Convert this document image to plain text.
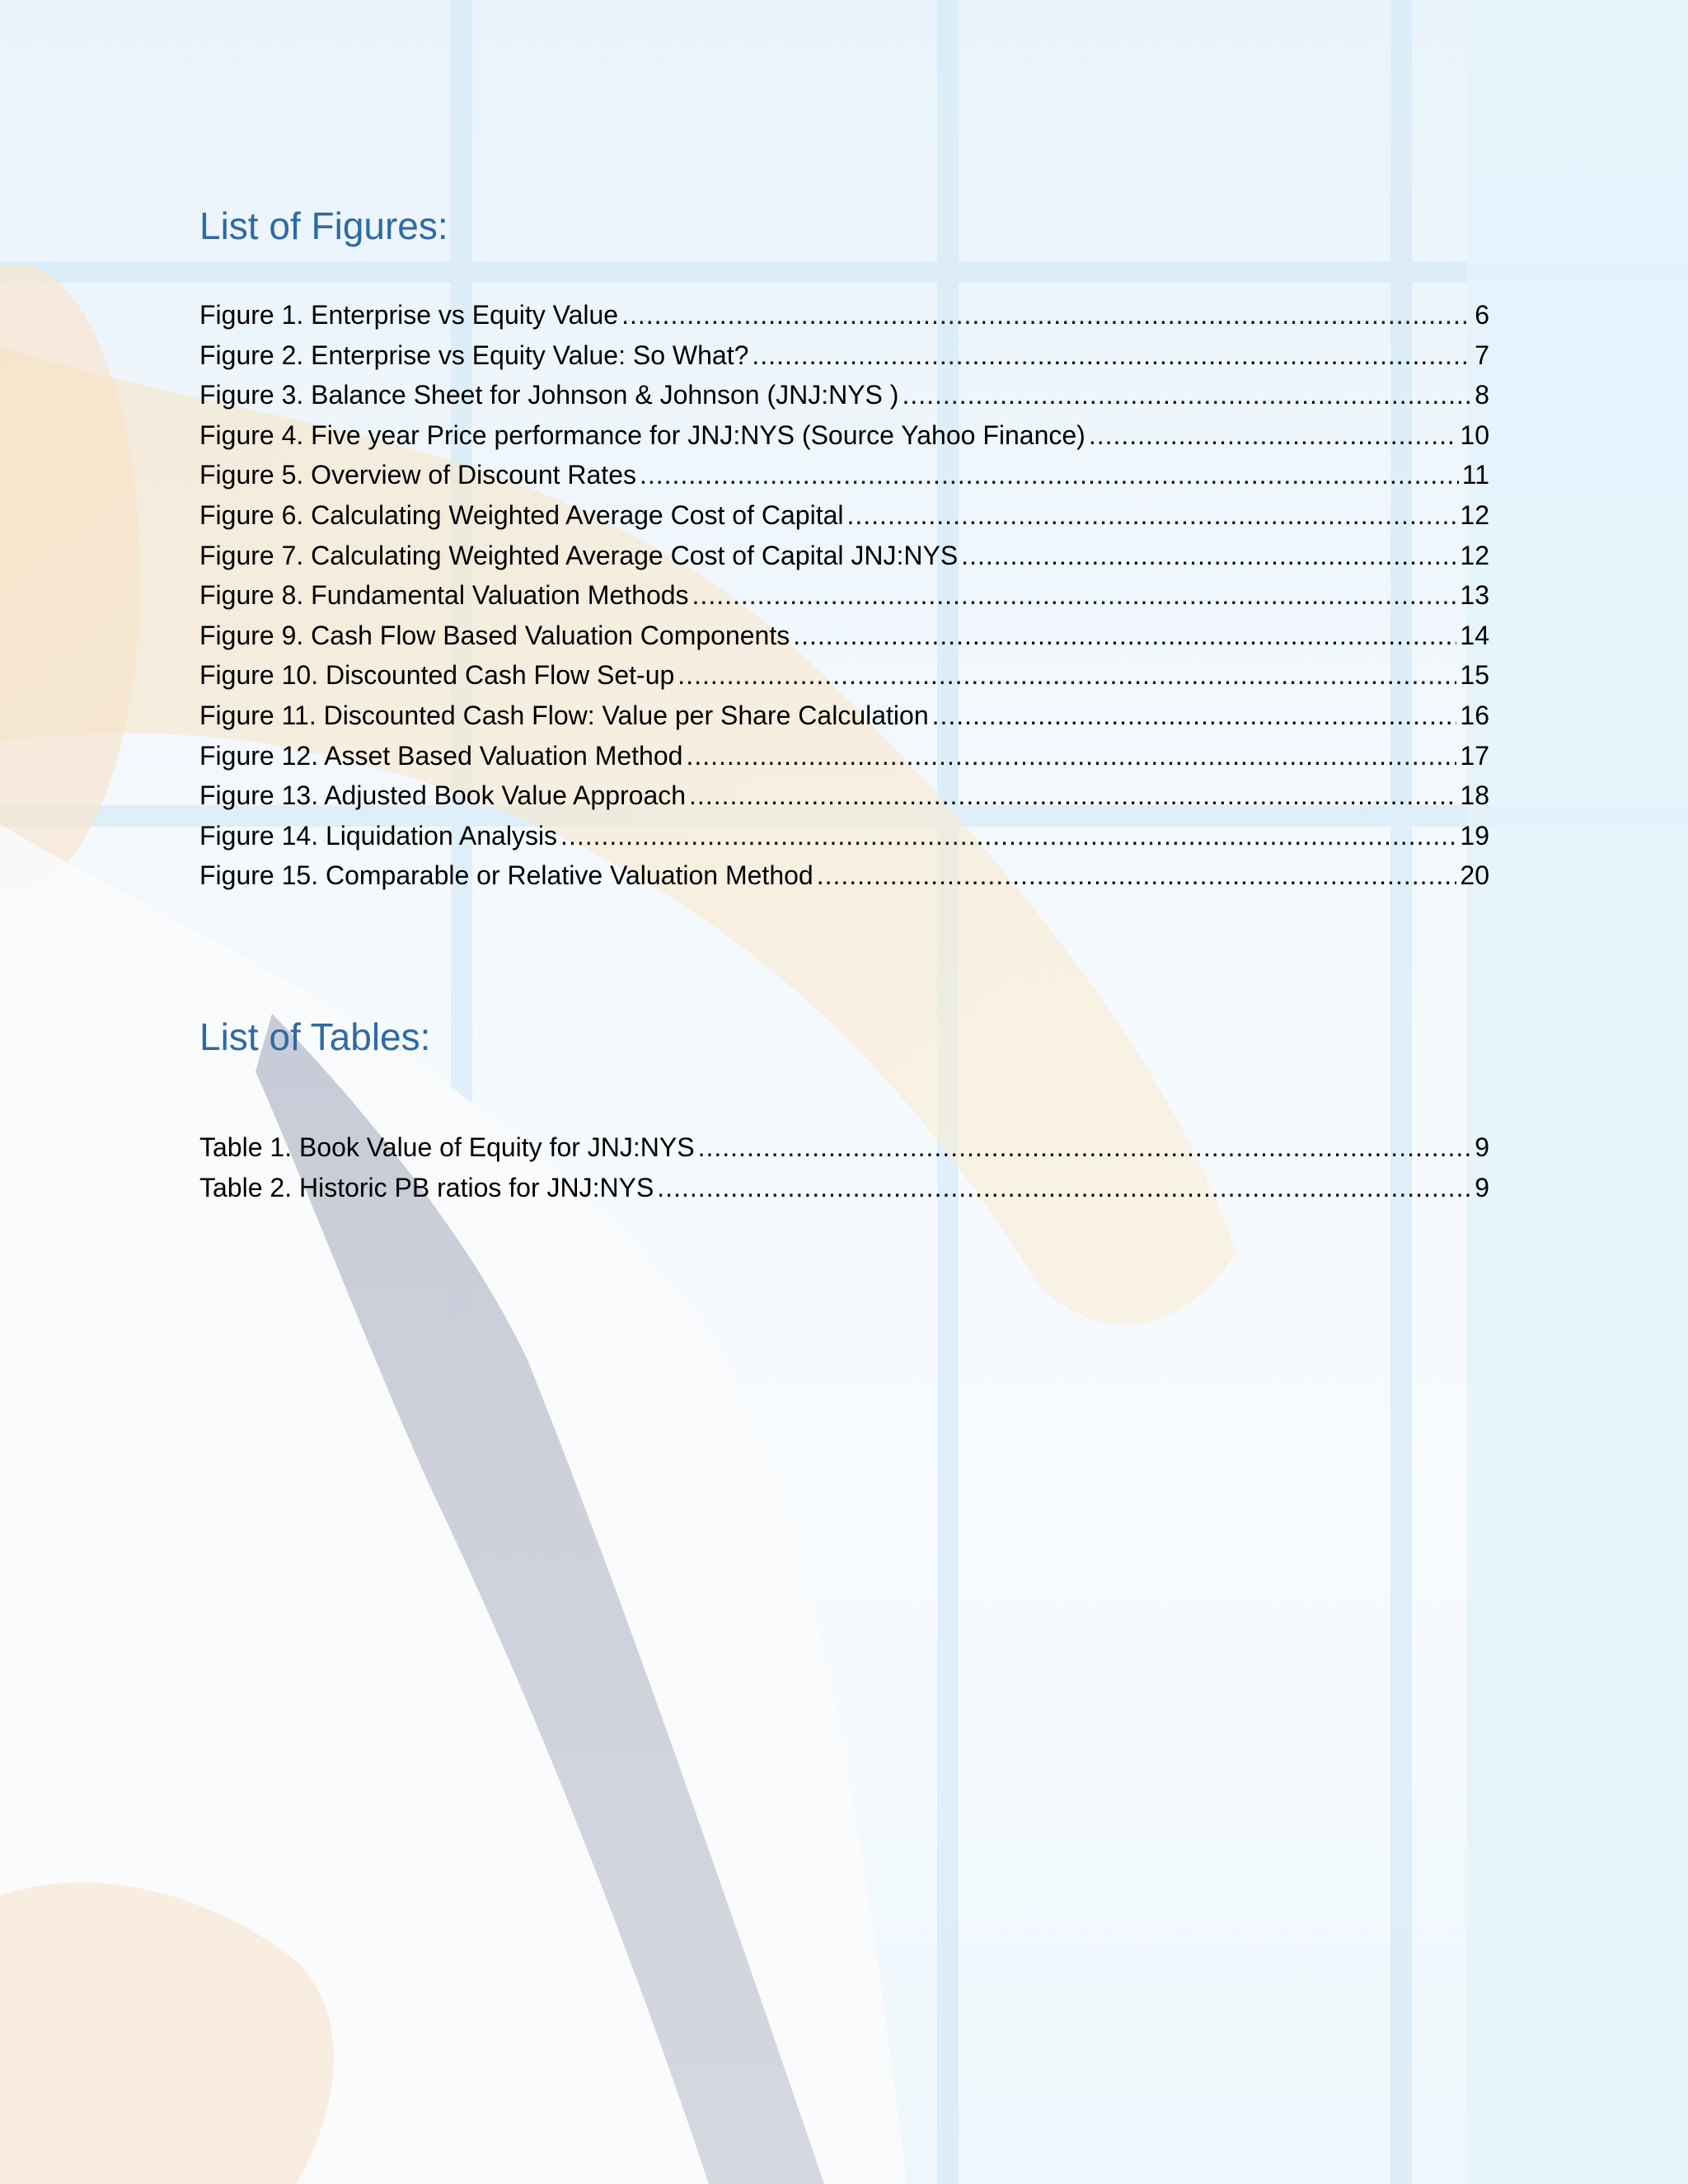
List of Figures:
Figure 1. Enterprise vs Equity Value .....	6
Figure 2. Enterprise vs Equity Value: So What? .....	7
Figure 3. Balance Sheet for Johnson & Johnson (JNJ:NYS ) .....	8
Figure 4. Five year Price performance for JNJ:NYS (Source Yahoo Finance) .....	10
Figure 5. Overview of Discount Rates .....	11
Figure 6. Calculating Weighted Average Cost of Capital .....	12
Figure 7. Calculating Weighted Average Cost of Capital JNJ:NYS .....	12
Figure 8. Fundamental Valuation Methods .....	13
Figure 9. Cash Flow Based Valuation Components .....	14
Figure 10. Discounted Cash Flow Set-up .....	15
Figure 11. Discounted Cash Flow: Value per Share Calculation .....	16
Figure 12. Asset Based Valuation Method .....	17
Figure 13. Adjusted Book Value Approach .....	18
Figure 14. Liquidation Analysis .....	19
Figure 15. Comparable or Relative Valuation Method .....	20
List of Tables:
Table 1. Book Value of Equity for JNJ:NYS .....	9
Table 2. Historic PB ratios for JNJ:NYS .....	9
